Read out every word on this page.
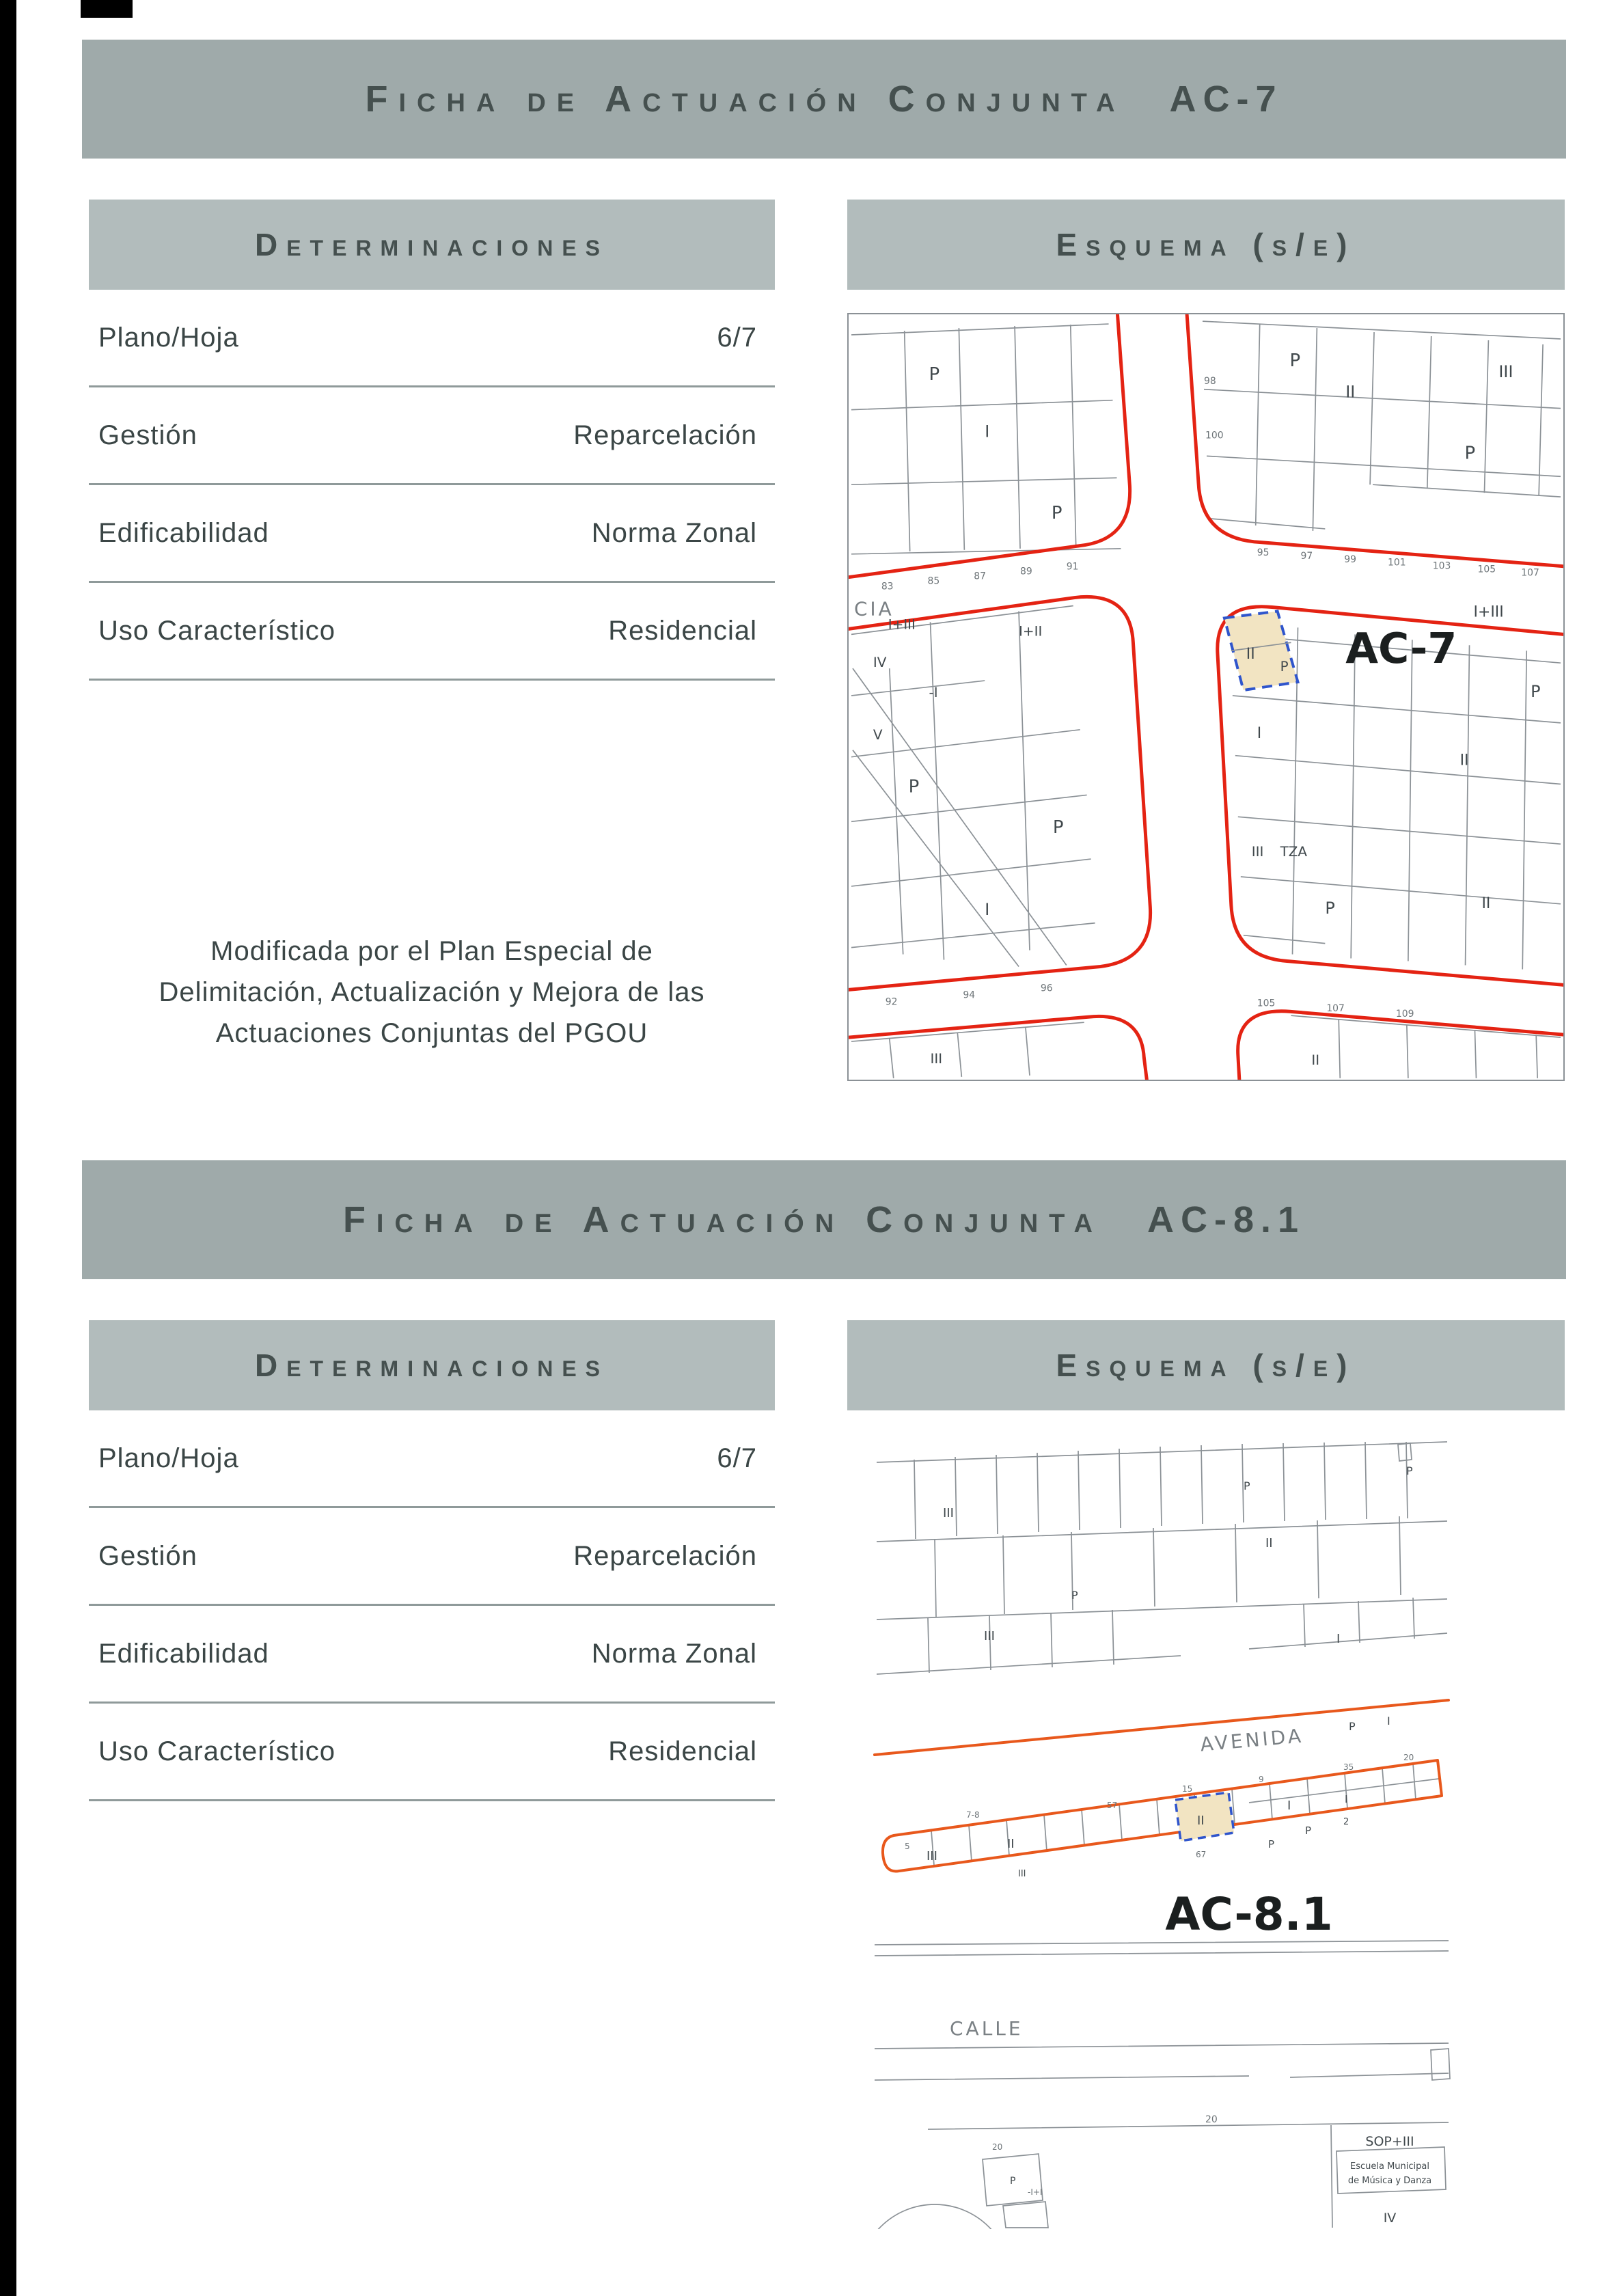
Ficha de Actuación Conjunta AC-7
Determinaciones	Esquema (s/e)
Plano/Hoja	6/7
Gestión	Reparcelación
Edificabilidad	Norma Zonal
Uso Característico	Residencial
Modificada por el Plan Especial de
Delimitación, Actualización y Mejora de las
Actuaciones Conjuntas del PGOU
CIA
AC-7
P
I
P
P
II
III
P
I+II
I+III
IV
-I
V
P
P
I
II
P
I
III TZA
I+III
P
II
P	II
II
III
83	85	87	89	91
95	97	99	101	103	105	107
98
100
92
94
96
105	107	109
Ficha de Actuación Conjunta AC-8.1
Determinaciones	Esquema (s/e)
Plano/Hoja	6/7
Gestión	Reparcelación
Edificabilidad	Norma Zonal
Uso Característico	Residencial	AVENIDA
AC-8.1
CALLE
SOP+III
Escuela Municipal
de Música y Danza
IV
III
P
P
II
P
III	I
P	I
III
II
III
II
I
P
2
P
I
P
7-8
57
15
9
35
20
5
67
20
20
-I+I
